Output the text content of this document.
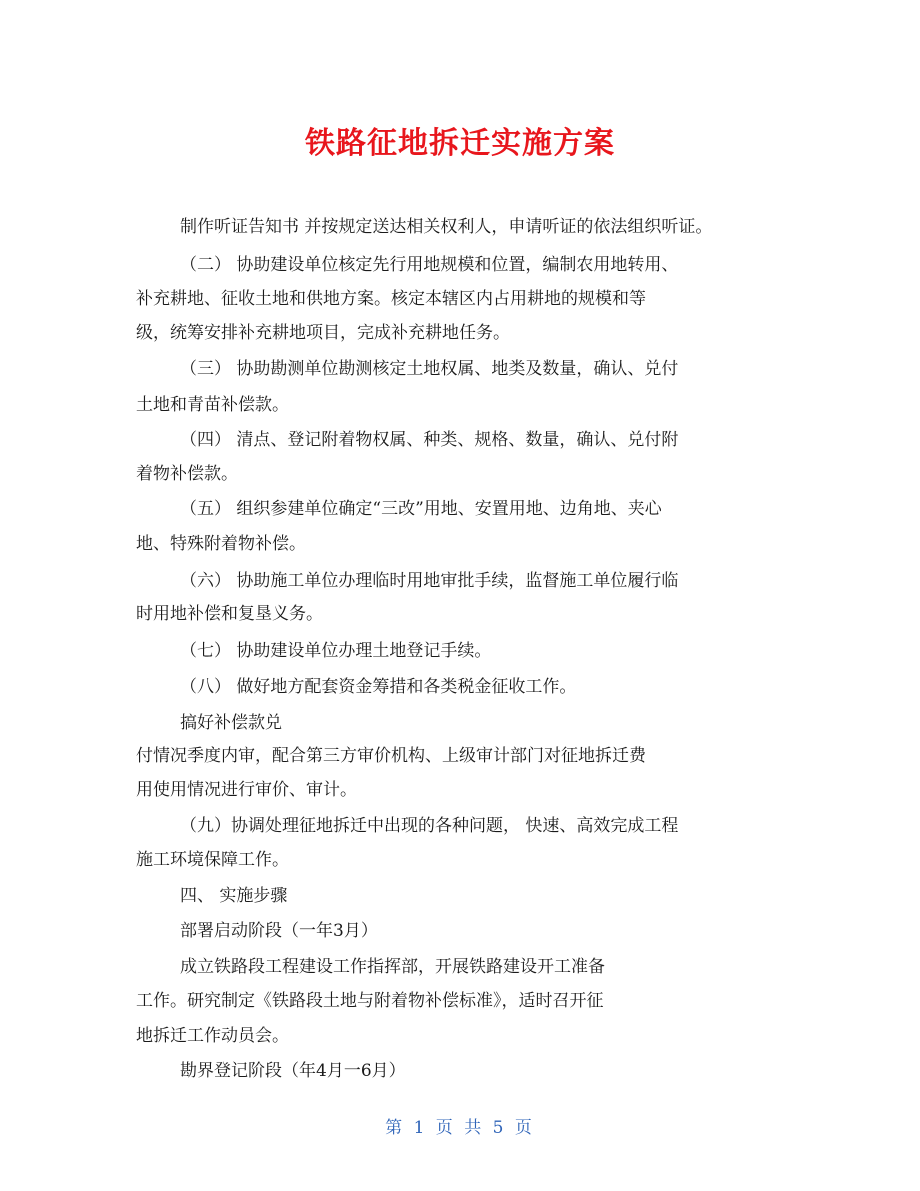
铁路征地拆迁实施方案

制作听证告知书 并按规定送达相关权利人，申请听证的依法组织听证。

（二） 协助建设单位核定先行用地规模和位置，编制农用地转用、

补充耕地、征收土地和供地方案。核定本辖区内占用耕地的规模和等

级，统筹安排补充耕地项目，完成补充耕地任务。

（三） 协助勘测单位勘测核定土地权属、地类及数量，确认、兑付

土地和青苗补偿款。

（四） 清点、登记附着物权属、种类、规格、数量，确认、兑付附

着物补偿款。

（五） 组织参建单位确定“三改”用地、安置用地、边角地、夹心

地、特殊附着物补偿。

（六） 协助施工单位办理临时用地审批手续，监督施工单位履行临

时用地补偿和复垦义务。

（七） 协助建设单位办理土地登记手续。

（八） 做好地方配套资金筹措和各类税金征收工作。

搞好补偿款兑

付情况季度内审，配合第三方审价机构、上级审计部门对征地拆迁费

用使用情况进行审价、审计。

（九）协调处理征地拆迁中出现的各种问题， 快速、高效完成工程

施工环境保障工作。

四、 实施步骤

部署启动阶段（一年3月）

成立铁路段工程建设工作指挥部，开展铁路建设开工准备

工作。研究制定《铁路段土地与附着物补偿标准》，适时召开征

地拆迁工作动员会。

勘界登记阶段（年4月一6月）

第 1 页 共 5 页
